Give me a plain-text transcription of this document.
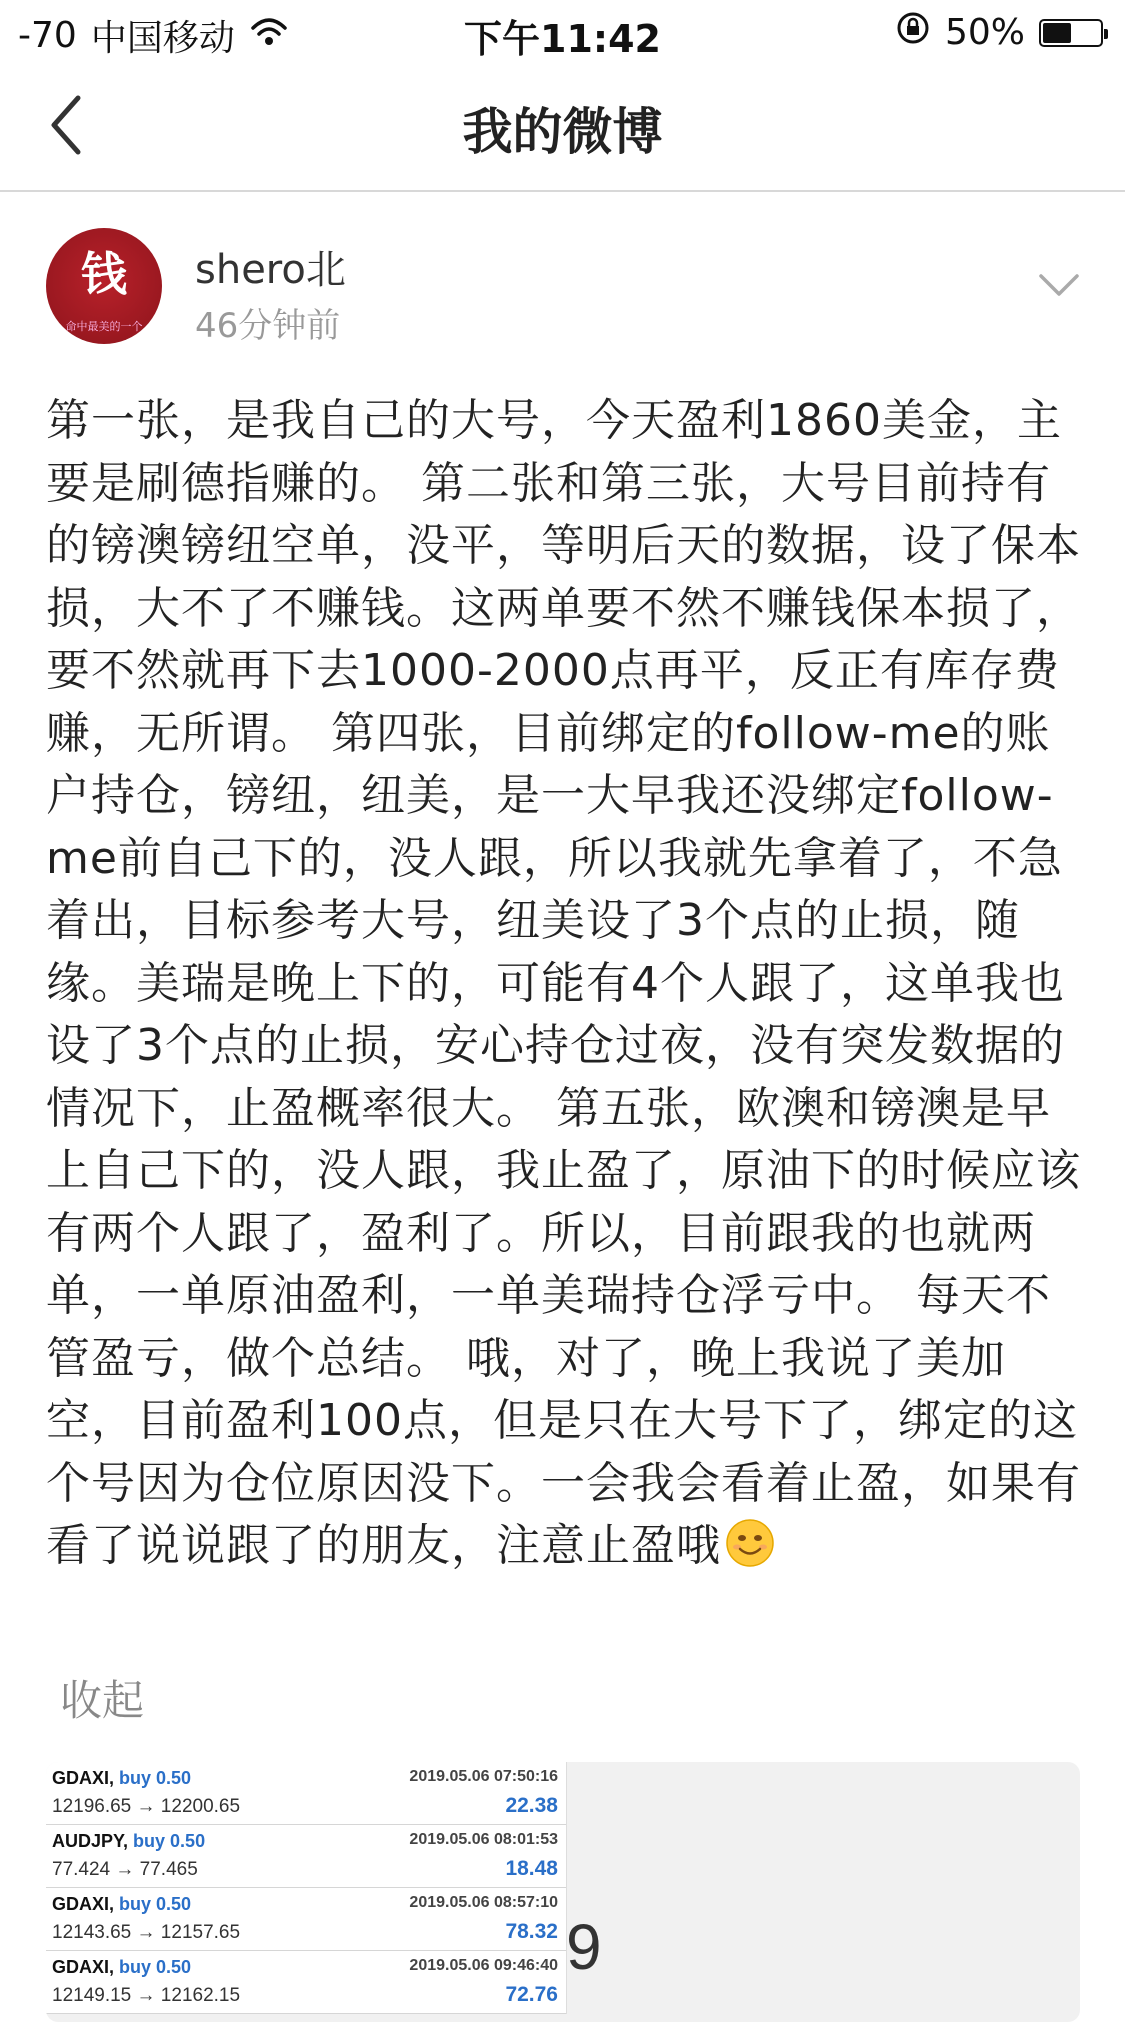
-70 中国移动	下午11:42	50%
我的微博
钱
命中最美的一个
shero北
46分钟前
第一张，是我自己的大号，今天盈利1860美金，主要是刷德指赚的。 第二张和第三张，大号目前持有的镑澳镑纽空单，没平，等明后天的数据，设了保本损，大不了不赚钱。这两单要不然不赚钱保本损了，要不然就再下去1000-2000点再平，反正有库存费赚，无所谓。 第四张，目前绑定的follow-me的账户持仓，镑纽，纽美，是一大早我还没绑定follow-me前自己下的，没人跟，所以我就先拿着了，不急着出，目标参考大号，纽美设了3个点的止损，随缘。美瑞是晚上下的，可能有4个人跟了，这单我也设了3个点的止损，安心持仓过夜，没有突发数据的情况下，止盈概率很大。 第五张，欧澳和镑澳是早上自己下的，没人跟，我止盈了，原油下的时候应该有两个人跟了，盈利了。所以，目前跟我的也就两单，一单原油盈利，一单美瑞持仓浮亏中。 每天不管盈亏，做个总结。 哦，对了，晚上我说了美加空，目前盈利100点，但是只在大号下了，绑定的这个号因为仓位原因没下。一会我会看着止盈，如果有看了说说跟了的朋友，注意止盈哦
收起
GDAXI, buy 0.50	2019.05.06 07:50:16
12196.65 → 12200.65	22.38
AUDJPY, buy 0.50	2019.05.06 08:01:53
77.424 → 77.465	18.48
GDAXI, buy 0.50	2019.05.06 08:57:10
12143.65 → 12157.65	78.32
GDAXI, buy 0.50	2019.05.06 09:46:40
12149.15 → 12162.15	72.76
9
